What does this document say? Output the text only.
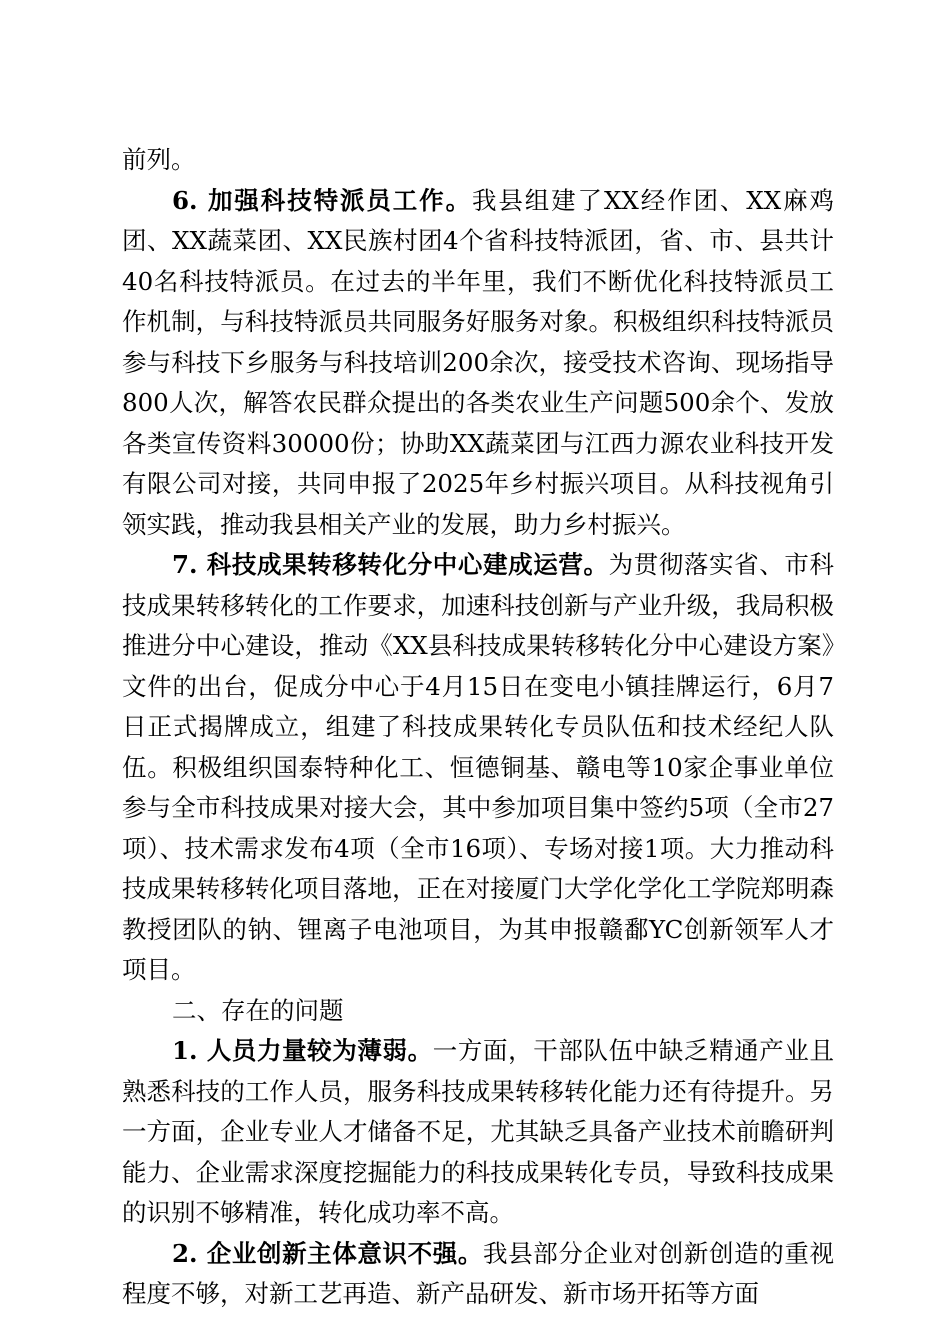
前列。

6. 加强科技特派员工作。我县组建了XX经作团、XX麻鸡团、XX蔬菜团、XX民族村团4个省科技特派团，省、市、县共计40名科技特派员。在过去的半年里，我们不断优化科技特派员工作机制，与科技特派员共同服务好服务对象。积极组织科技特派员参与科技下乡服务与科技培训200余次，接受技术咨询、现场指导800人次，解答农民群众提出的各类农业生产问题500余个、发放各类宣传资料30000份；协助XX蔬菜团与江西力源农业科技开发有限公司对接，共同申报了2025年乡村振兴项目。从科技视角引领实践，推动我县相关产业的发展，助力乡村振兴。

7. 科技成果转移转化分中心建成运营。为贯彻落实省、市科技成果转移转化的工作要求，加速科技创新与产业升级，我局积极推进分中心建设，推动《XX县科技成果转移转化分中心建设方案》文件的出台，促成分中心于4月15日在变电小镇挂牌运行，6月7日正式揭牌成立，组建了科技成果转化专员队伍和技术经纪人队伍。积极组织国泰特种化工、恒德铜基、赣电等10家企事业单位参与全市科技成果对接大会，其中参加项目集中签约5项（全市27项）、技术需求发布4项（全市16项）、专场对接1项。大力推动科技成果转移转化项目落地，正在对接厦门大学化学化工学院郑明森教授团队的钠、锂离子电池项目，为其申报赣鄱YC创新领军人才项目。

二、存在的问题

1. 人员力量较为薄弱。一方面，干部队伍中缺乏精通产业且熟悉科技的工作人员，服务科技成果转移转化能力还有待提升。另一方面，企业专业人才储备不足，尤其缺乏具备产业技术前瞻研判能力、企业需求深度挖掘能力的科技成果转化专员，导致科技成果的识别不够精准，转化成功率不高。

2. 企业创新主体意识不强。我县部分企业对创新创造的重视程度不够，对新工艺再造、新产品研发、新市场开拓等方面
